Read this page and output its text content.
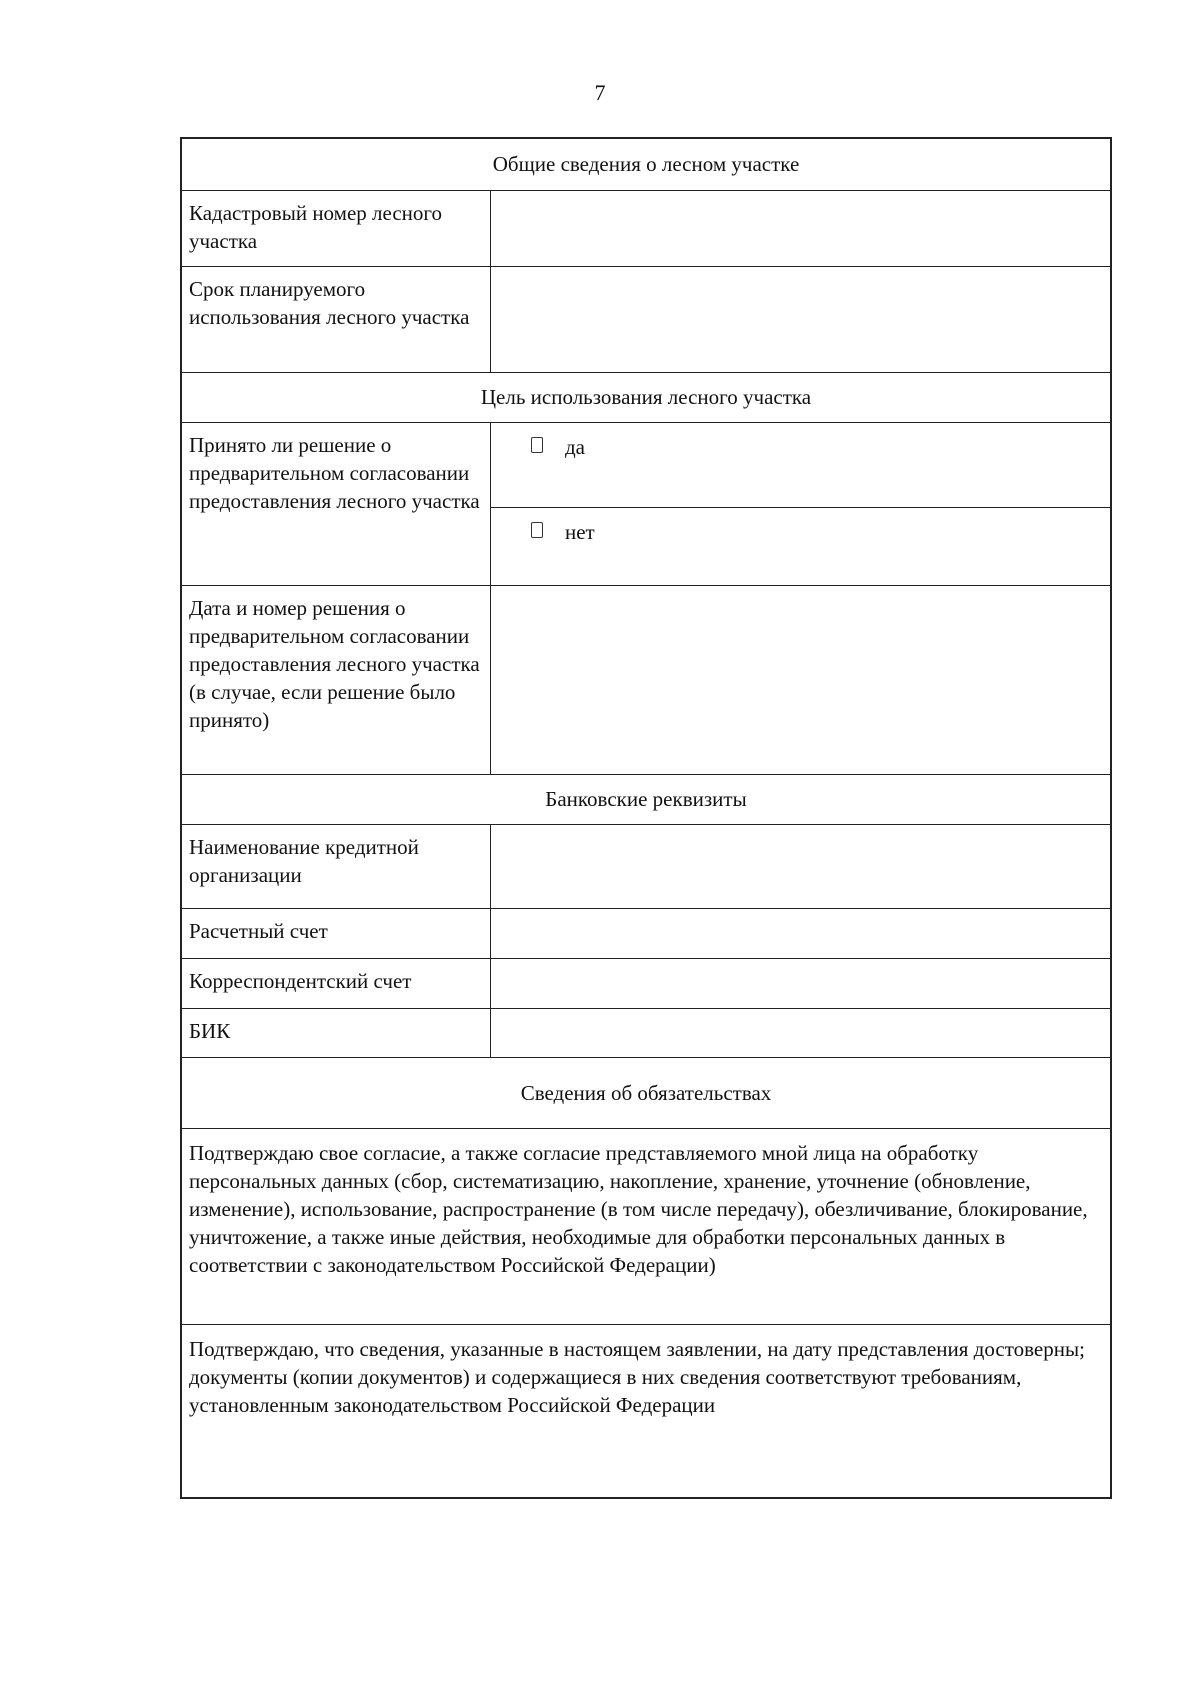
7
Общие сведения о лесном участке
Кадастровый номер лесного участка
Срок планируемого использования лесного участка
Цель использования лесного участка
Принято ли решение о предварительном согласовании предоставления лесного участка
да
нет
Дата и номер решения о предварительном согласовании предоставления лесного участка (в случае, если решение было принято)
Банковские реквизиты
Наименование кредитной организации
Расчетный счет
Корреспондентский счет
БИК
Сведения об обязательствах
Подтверждаю свое согласие, а также согласие представляемого мной лица на обработку персональных данных (сбор, систематизацию, накопление, хранение, уточнение (обновление, изменение), использование, распространение (в том числе передачу), обезличивание, блокирование, уничтожение, а также иные действия, необходимые для обработки персональных данных в соответствии с законодательством Российской Федерации)
Подтверждаю, что сведения, указанные в настоящем заявлении, на дату представления достоверны; документы (копии документов) и содержащиеся в них сведения соответствуют требованиям, установленным законодательством Российской Федерации
